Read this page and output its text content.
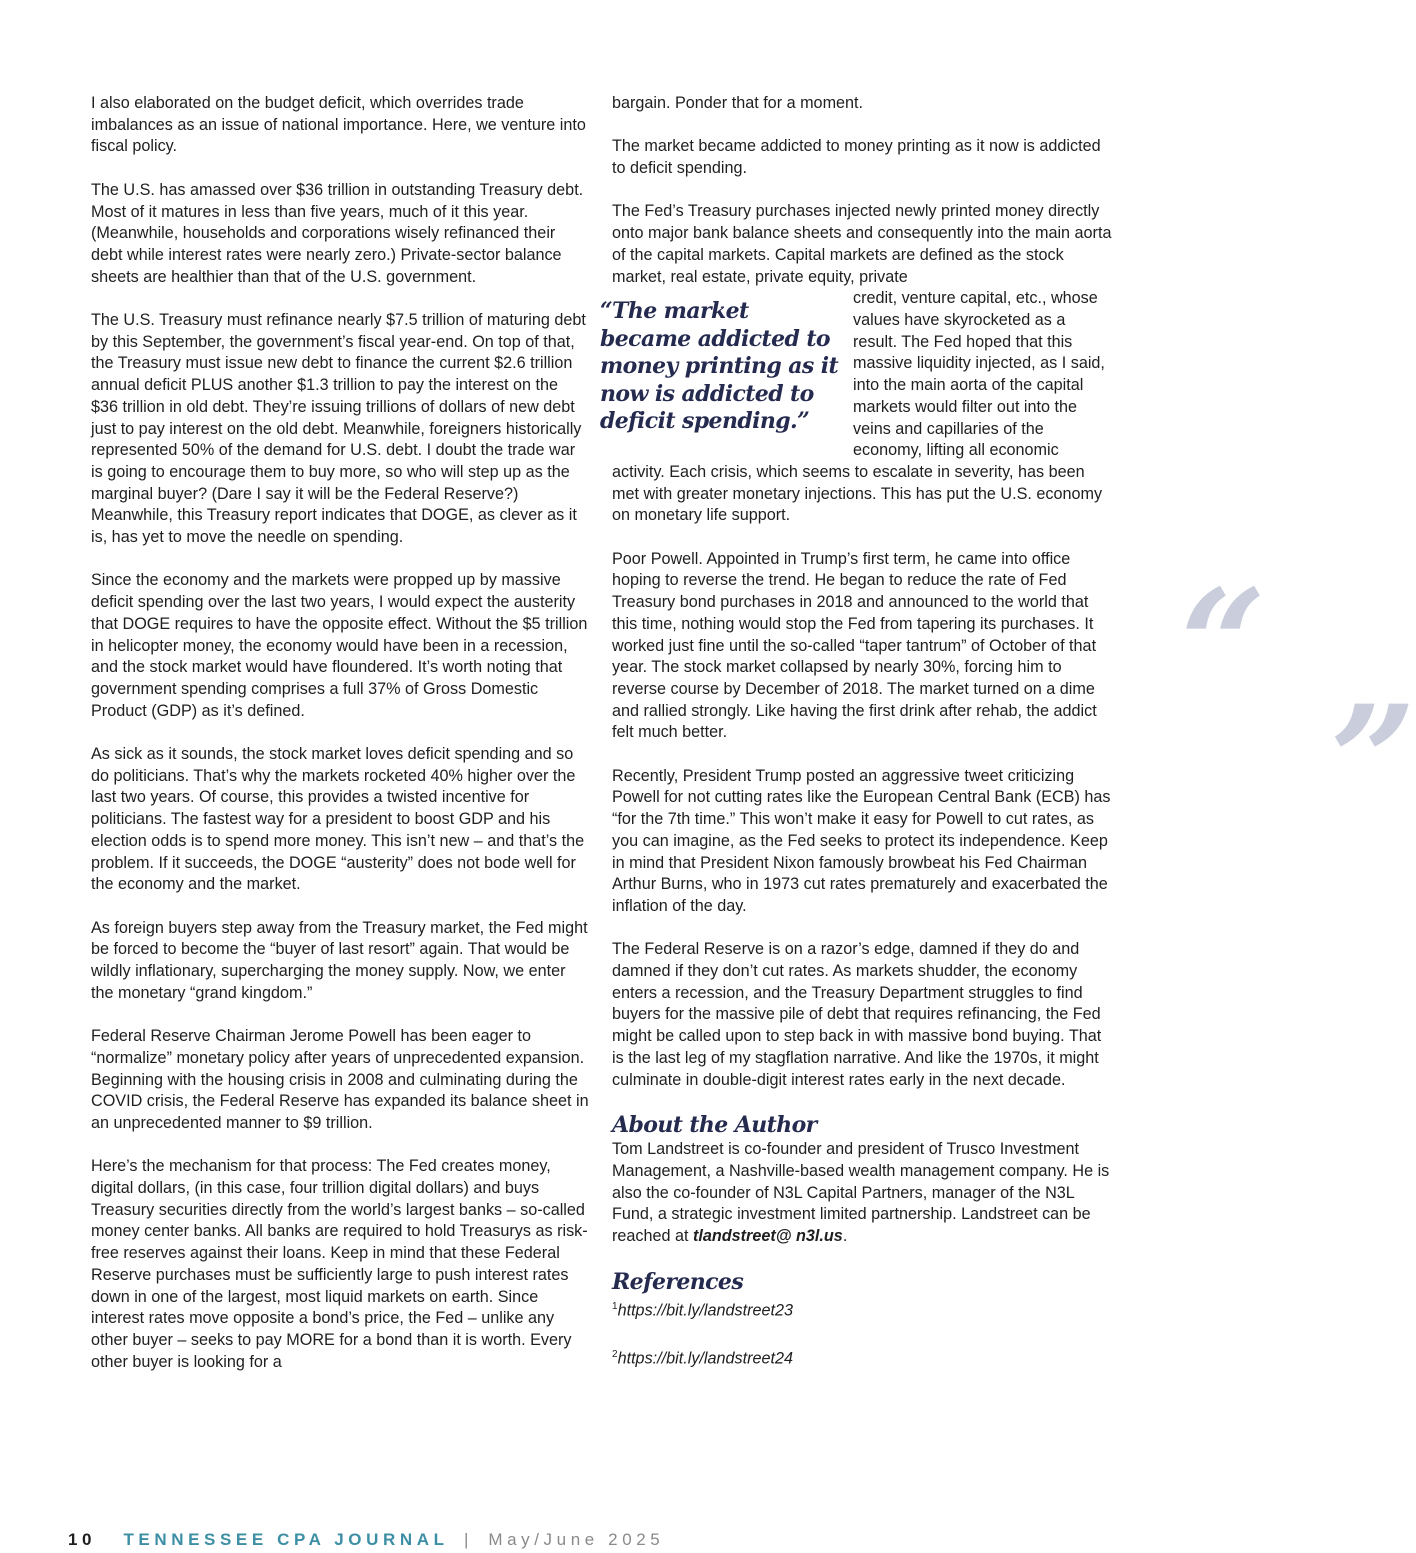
I also elaborated on the budget deficit, which overrides trade imbalances as an issue of national importance. Here, we venture into fiscal policy.

The U.S. has amassed over $36 trillion in outstanding Treasury debt. Most of it matures in less than five years, much of it this year. (Meanwhile, households and corporations wisely refinanced their debt while interest rates were nearly zero.) Private-sector balance sheets are healthier than that of the U.S. government.

The U.S. Treasury must refinance nearly $7.5 trillion of maturing debt by this September, the government’s fiscal year-end. On top of that, the Treasury must issue new debt to finance the current $2.6 trillion annual deficit PLUS another $1.3 trillion to pay the interest on the $36 trillion in old debt. They’re issuing trillions of dollars of new debt just to pay interest on the old debt. Meanwhile, foreigners historically represented 50% of the demand for U.S. debt. I doubt the trade war is going to encourage them to buy more, so who will step up as the marginal buyer? (Dare I say it will be the Federal Reserve?) Meanwhile, this Treasury report indicates that DOGE, as clever as it is, has yet to move the needle on spending.

Since the economy and the markets were propped up by massive deficit spending over the last two years, I would expect the austerity that DOGE requires to have the opposite effect. Without the $5 trillion in helicopter money, the economy would have been in a recession, and the stock market would have floundered. It’s worth noting that government spending comprises a full 37% of Gross Domestic Product (GDP) as it’s defined.

As sick as it sounds, the stock market loves deficit spending and so do politicians. That’s why the markets rocketed 40% higher over the last two years. Of course, this provides a twisted incentive for politicians. The fastest way for a president to boost GDP and his election odds is to spend more money. This isn’t new – and that’s the problem. If it succeeds, the DOGE “austerity” does not bode well for the economy and the market.

As foreign buyers step away from the Treasury market, the Fed might be forced to become the “buyer of last resort” again. That would be wildly inflationary, supercharging the money supply. Now, we enter the monetary “grand kingdom.”

Federal Reserve Chairman Jerome Powell has been eager to “normalize” monetary policy after years of unprecedented expansion. Beginning with the housing crisis in 2008 and culminating during the COVID crisis, the Federal Reserve has expanded its balance sheet in an unprecedented manner to $9 trillion.

Here’s the mechanism for that process: The Fed creates money, digital dollars, (in this case, four trillion digital dollars) and buys Treasury securities directly from the world’s largest banks – so-called money center banks. All banks are required to hold Treasurys as risk-free reserves against their loans. Keep in mind that these Federal Reserve purchases must be sufficiently large to push interest rates down in one of the largest, most liquid markets on earth. Since interest rates move opposite a bond’s price, the Fed – unlike any other buyer – seeks to pay MORE for a bond than it is worth. Every other buyer is looking for a

bargain. Ponder that for a moment.

The market became addicted to money printing as it now is addicted to deficit spending.

The Fed’s Treasury purchases injected newly printed money directly onto major bank balance sheets and consequently into the main aorta of the capital markets. Capital markets are defined as the stock market, real estate, private equity, private
credit, venture capital, etc., whose values have skyrocketed as a result. The Fed hoped that this massive liquidity injected, as I said, into the main aorta of the capital markets would filter out into the veins and capillaries of the economy, lifting all economic

activity. Each crisis, which seems to escalate in severity, has been met with greater monetary injections. This has put the U.S. economy on monetary life support.

Poor Powell. Appointed in Trump’s first term, he came into office hoping to reverse the trend. He began to reduce the rate of Fed Treasury bond purchases in 2018 and announced to the world that this time, nothing would stop the Fed from tapering its purchases. It worked just fine until the so-called “taper tantrum” of October of that year. The stock market collapsed by nearly 30%, forcing him to reverse course by December of 2018. The market turned on a dime and rallied strongly. Like having the first drink after rehab, the addict felt much better.

Recently, President Trump posted an aggressive tweet criticizing Powell for not cutting rates like the European Central Bank (ECB) has “for the 7th time.” This won’t make it easy for Powell to cut rates, as you can imagine, as the Fed seeks to protect its independence. Keep in mind that President Nixon famously browbeat his Fed Chairman Arthur Burns, who in 1973 cut rates prematurely and exacerbated the inflation of the day.

The Federal Reserve is on a razor’s edge, damned if they do and damned if they don’t cut rates. As markets shudder, the economy enters a recession, and the Treasury Department struggles to find buyers for the massive pile of debt that requires refinancing, the Fed might be called upon to step back in with massive bond buying. That is the last leg of my stagflation narrative. And like the 1970s, it might culminate in double-digit interest rates early in the next decade.

About the Author

Tom Landstreet is co-founder and president of Trusco Investment Management, a Nashville-based wealth management company. He is also the co-founder of N3L Capital Partners, manager of the N3L Fund, a strategic investment limited partnership. Landstreet can be reached at tlandstreet@ n3l.us.

References

$^1$https://bit.ly/landstreet23

$^2$https://bit.ly/landstreet24

“
”
“The market became addicted to money printing as it now is addicted to deficit spending.”
10 TENNESSEE CPA JOURNAL | May/June 2025
